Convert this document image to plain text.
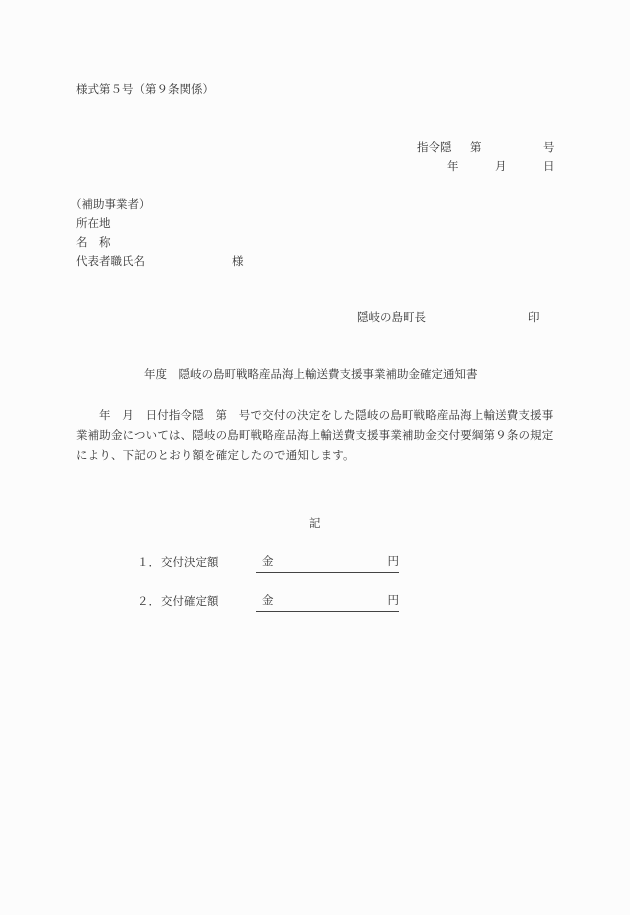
様式第５号（第９条関係）
指令隠 第	号
年	月	日
（補助事業者）
所在地
名　称
代表者職氏名	様
隠岐の島町長	印
年度　隠岐の島町戦略産品海上輸送費支援事業補助金確定通知書
年　月　日付指令隠　第　号で交付の決定をした隠岐の島町戦略産品海上輸送費支援事業補助金については、隠岐の島町戦略産品海上輸送費支援事業補助金交付要綱第９条の規定により、下記のとおり額を確定したので通知します。
記
１． 交付決定額	金	円
２． 交付確定額	金	円
